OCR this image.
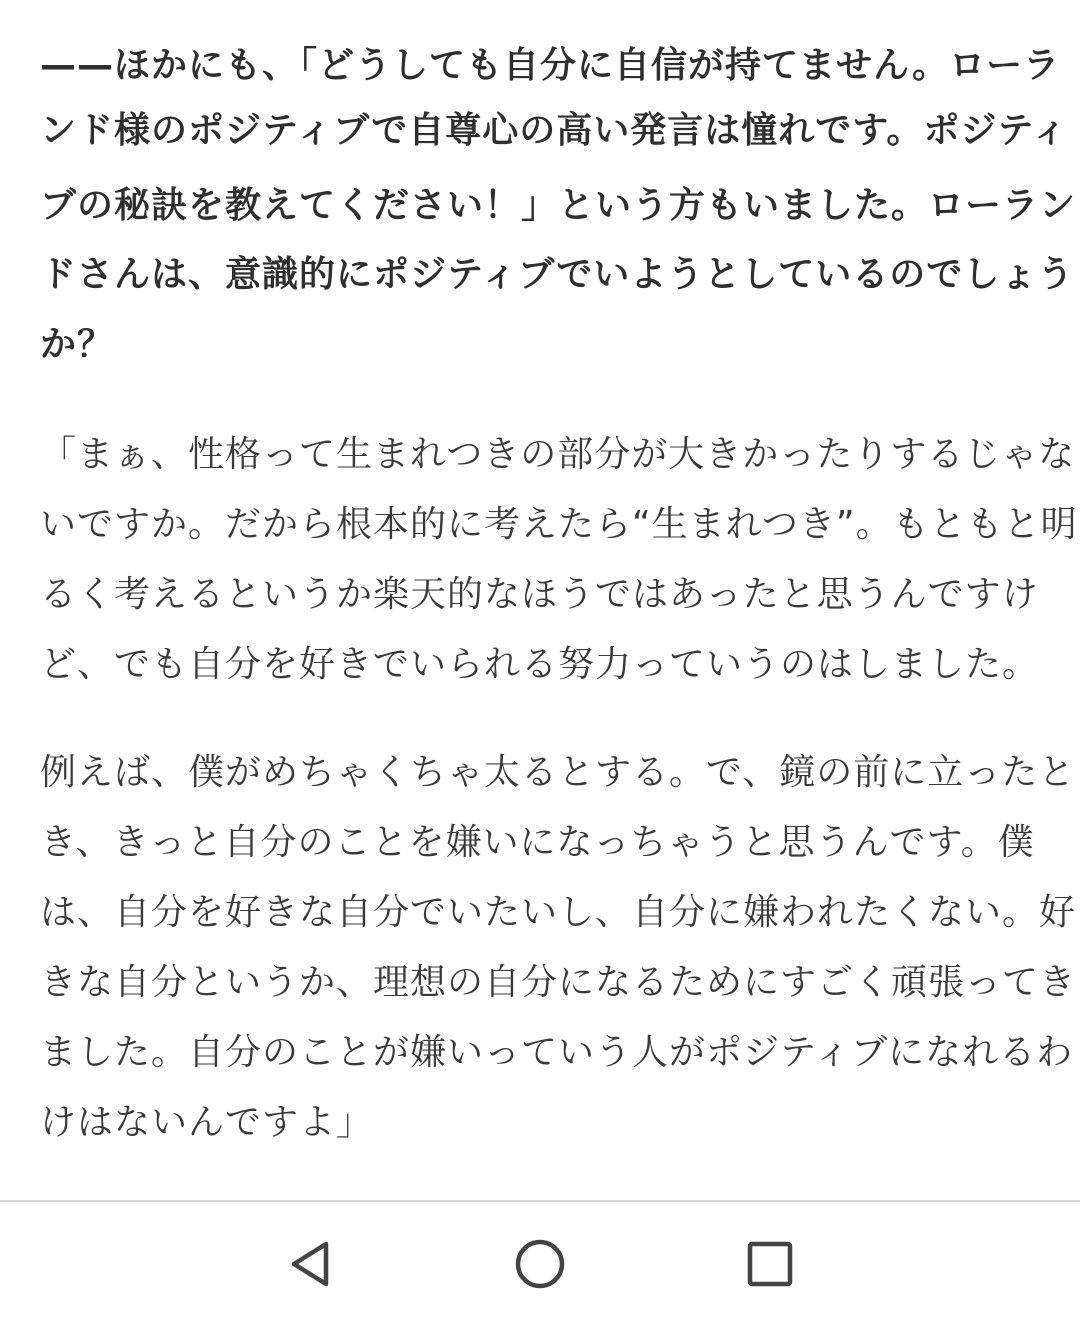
——ほかにも、「どうしても自分に自信が持てません。ローラ
ンド様のポジティブで自尊心の高い発言は憧れです。ポジティ
ブの秘訣を教えてください！」という方もいました。ローラン
ドさんは、意識的にポジティブでいようとしているのでしょう
か？
「まぁ、性格って生まれつきの部分が大きかったりするじゃな
いですか。だから根本的に考えたら“生まれつき”。もともと明
るく考えるというか楽天的なほうではあったと思うんですけ
ど、でも自分を好きでいられる努力っていうのはしました。
例えば、僕がめちゃくちゃ太るとする。で、鏡の前に立ったと
き、きっと自分のことを嫌いになっちゃうと思うんです。僕
は、自分を好きな自分でいたいし、自分に嫌われたくない。好
きな自分というか、理想の自分になるためにすごく頑張ってき
ました。自分のことが嫌いっていう人がポジティブになれるわ
けはないんですよ」
